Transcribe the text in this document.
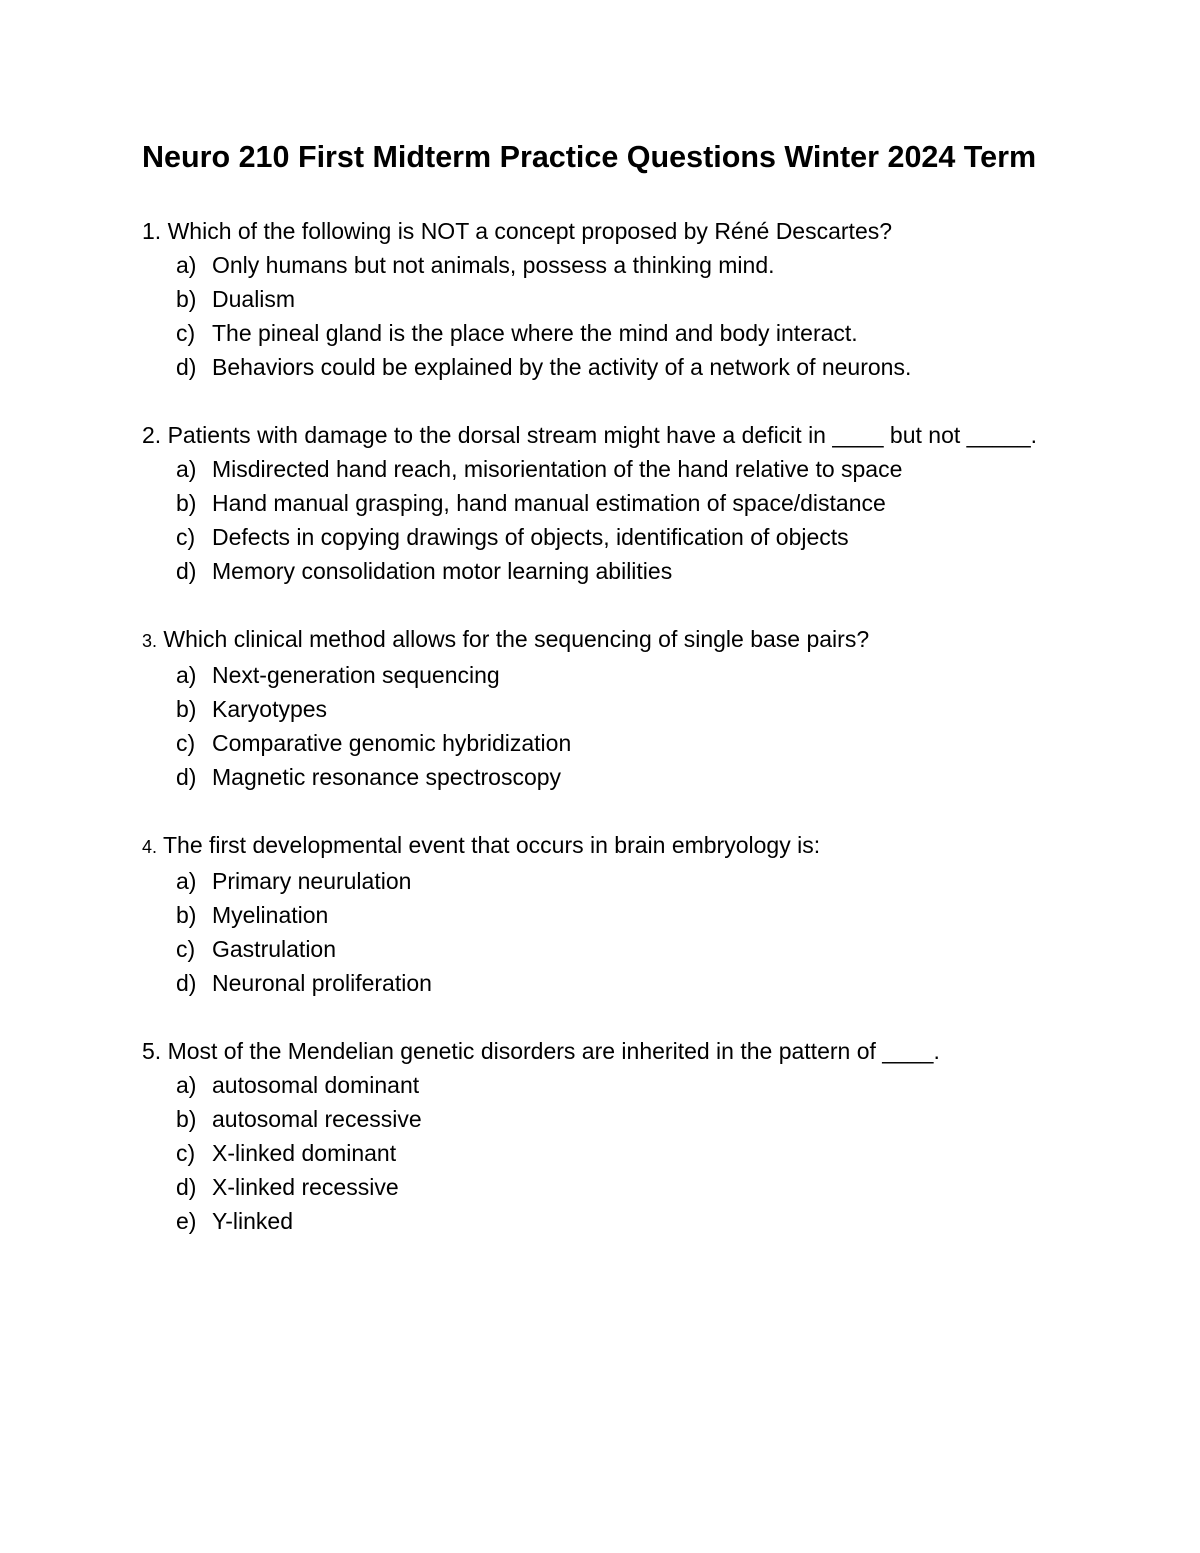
Neuro 210 First Midterm Practice Questions Winter 2024 Term
1. Which of the following is NOT a concept proposed by Réné Descartes?
a) Only humans but not animals, possess a thinking mind.
b) Dualism
c) The pineal gland is the place where the mind and body interact.
d) Behaviors could be explained by the activity of a network of neurons.
2. Patients with damage to the dorsal stream might have a deficit in ____ but not _____.
a) Misdirected hand reach, misorientation of the hand relative to space
b) Hand manual grasping, hand manual estimation of space/distance
c) Defects in copying drawings of objects, identification of objects
d) Memory consolidation motor learning abilities
3. Which clinical method allows for the sequencing of single base pairs?
a) Next-generation sequencing
b) Karyotypes
c) Comparative genomic hybridization
d) Magnetic resonance spectroscopy
4. The first developmental event that occurs in brain embryology is:
a) Primary neurulation
b) Myelination
c) Gastrulation
d) Neuronal proliferation
5. Most of the Mendelian genetic disorders are inherited in the pattern of ____.
a) autosomal dominant
b) autosomal recessive
c) X-linked dominant
d) X-linked recessive
e) Y-linked
